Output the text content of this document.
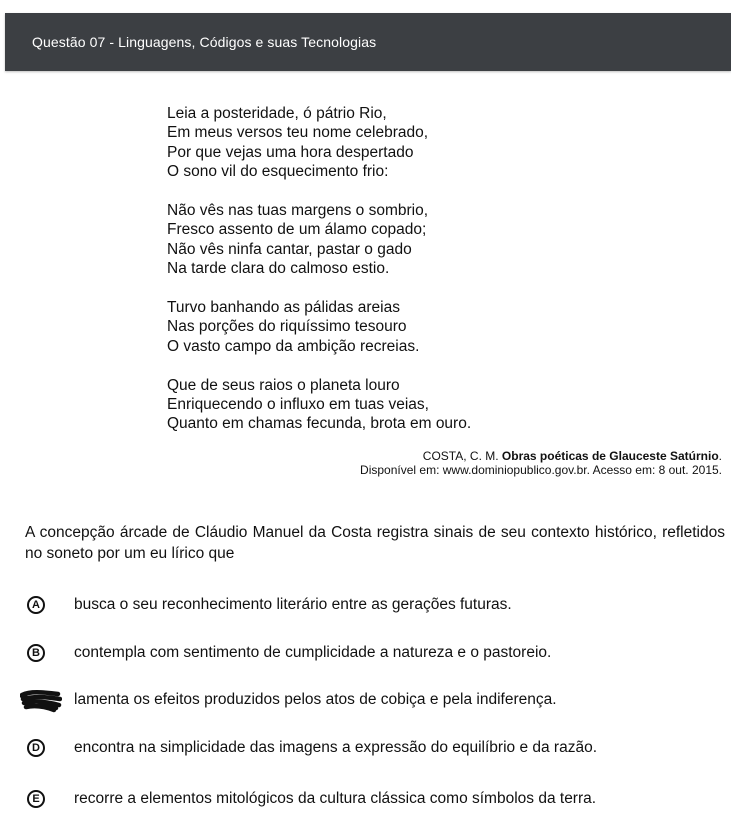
Questão 07 - Linguagens, Códigos e suas Tecnologias
Leia a posteridade, ó pátrio Rio,
Em meus versos teu nome celebrado,
Por que vejas uma hora despertado
O sono vil do esquecimento frio:
Não vês nas tuas margens o sombrio,
Fresco assento de um álamo copado;
Não vês ninfa cantar, pastar o gado
Na tarde clara do calmoso estio.
Turvo banhando as pálidas areias
Nas porções do riquíssimo tesouro
O vasto campo da ambição recreias.
Que de seus raios o planeta louro
Enriquecendo o influxo em tuas veias,
Quanto em chamas fecunda, brota em ouro.
COSTA, C. M. Obras poéticas de Glauceste Satúrnio.
Disponível em: www.dominiopublico.gov.br. Acesso em: 8 out. 2015.
A concepção árcade de Cláudio Manuel da Costa registra sinais de seu contexto histórico, refletidos no soneto por um eu lírico que
A	busca o seu reconhecimento literário entre as gerações futuras.
B	contempla com sentimento de cumplicidade a natureza e o pastoreio.
lamenta os efeitos produzidos pelos atos de cobiça e pela indiferença.
D	encontra na simplicidade das imagens a expressão do equilíbrio e da razão.
E	recorre a elementos mitológicos da cultura clássica como símbolos da terra.
